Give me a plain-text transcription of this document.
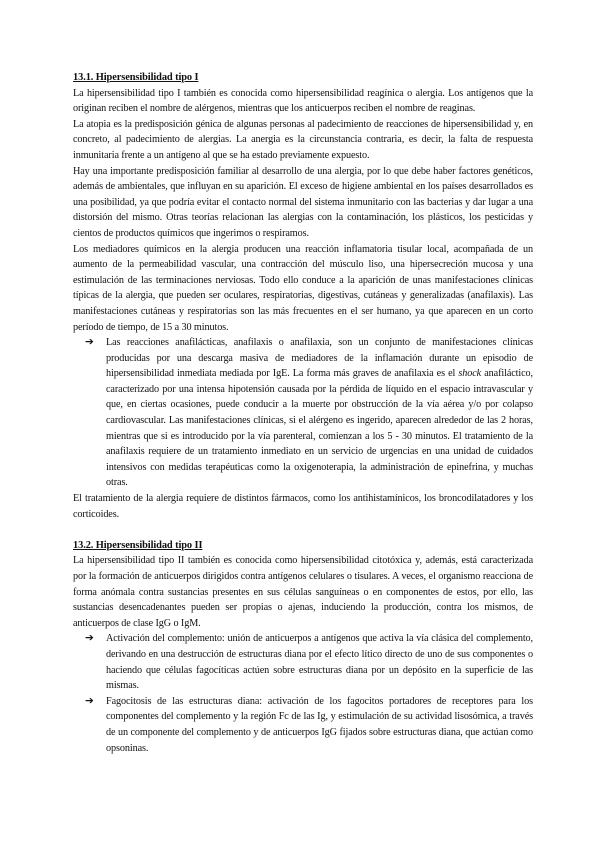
13.1. Hipersensibilidad tipo I

La hipersensibilidad tipo I también es conocida como hipersensibilidad reagínica o alergia. Los antígenos que la originan reciben el nombre de alérgenos, mientras que los anticuerpos reciben el nombre de reaginas.

La atopia es la predisposición génica de algunas personas al padecimiento de reacciones de hipersensibilidad y, en concreto, al padecimiento de alergias. La anergia es la circunstancia contraria, es decir, la falta de respuesta inmunitaria frente a un antígeno al que se ha estado previamente expuesto.

Hay una importante predisposición familiar al desarrollo de una alergia, por lo que debe haber factores genéticos, además de ambientales, que influyan en su aparición. El exceso de higiene ambiental en los países desarrollados es una posibilidad, ya que podría evitar el contacto normal del sistema inmunitario con las bacterias y dar lugar a una distorsión del mismo. Otras teorías relacionan las alergias con la contaminación, los plásticos, los pesticidas y cientos de productos químicos que ingerimos o respiramos.

Los mediadores químicos en la alergia producen una reacción inflamatoria tisular local, acompañada de un aumento de la permeabilidad vascular, una contracción del músculo liso, una hipersecreción mucosa y una estimulación de las terminaciones nerviosas. Todo ello conduce a la aparición de unas manifestaciones clínicas típicas de la alergia, que pueden ser oculares, respiratorias, digestivas, cutáneas y generalizadas (anafilaxis). Las manifestaciones cutáneas y respiratorias son las más frecuentes en el ser humano, ya que aparecen en un corto período de tiempo, de 15 a 30 minutos.

➔ Las reacciones anafilácticas, anafilaxis o anafilaxia, son un conjunto de manifestaciones clínicas producidas por una descarga masiva de mediadores de la inflamación durante un episodio de hipersensibilidad inmediata mediada por IgE. La forma más graves de anafilaxia es el shock anafiláctico, caracterizado por una intensa hipotensión causada por la pérdida de líquido en el espacio intravascular y que, en ciertas ocasiones, puede conducir a la muerte por obstrucción de la vía aérea y/o por colapso cardiovascular. Las manifestaciones clínicas, si el alérgeno es ingerido, aparecen alrededor de las 2 horas, mientras que si es introducido por la vía parenteral, comienzan a los 5 - 30 minutos. El tratamiento de la anafilaxis requiere de un tratamiento inmediato en un servicio de urgencias en una unidad de cuidados intensivos con medidas terapéuticas como la oxigenoterapia, la administración de epinefrina, y muchas otras.

El tratamiento de la alergia requiere de distintos fármacos, como los antihistamínicos, los broncodilatadores y los corticoides.

13.2. Hipersensibilidad tipo II

La hipersensibilidad tipo II también es conocida como hipersensibilidad citotóxica y, además, está caracterizada por la formación de anticuerpos dirigidos contra antígenos celulares o tisulares. A veces, el organismo reacciona de forma anómala contra sustancias presentes en sus células sanguíneas o en componentes de estos, por ello, las sustancias desencadenantes pueden ser propias o ajenas, induciendo la producción, contra los mismos, de anticuerpos de clase IgG o IgM.

➔ Activación del complemento: unión de anticuerpos a antígenos que activa la vía clásica del complemento, derivando en una destrucción de estructuras diana por el efecto lítico directo de uno de sus componentes o haciendo que células fagocíticas actúen sobre estructuras diana por un depósito en la superficie de las mismas.
➔ Fagocitosis de las estructuras diana: activación de los fagocitos portadores de receptores para los componentes del complemento y la región Fc de las Ig, y estimulación de su actividad lisosómica, a través de un componente del complemento y de anticuerpos IgG fijados sobre estructuras diana, que actúan como opsoninas.
